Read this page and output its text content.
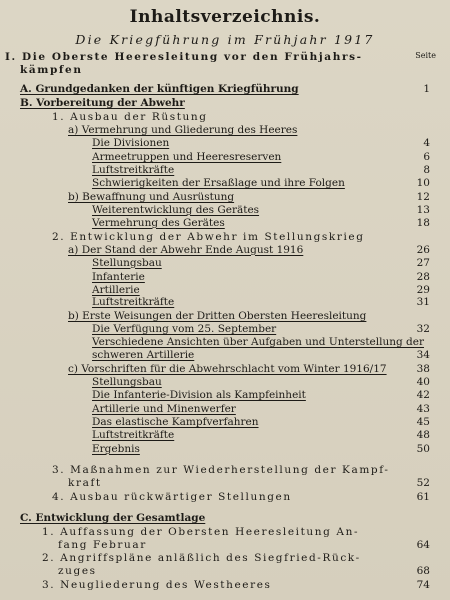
Inhaltsverzeichnis.
Die Kriegführung im Frühjahr 1917
Seite
I. Die Oberste Heeresleitung vor den Frühjahrs-
kämpfen
A. Grundgedanken der künftigen Kriegführung	1
B. Vorbereitung der Abwehr
1. Ausbau der Rüstung
a) Vermehrung und Gliederung des Heeres
Die Divisionen	4
Armeetruppen und Heeresreserven	6
Luftstreitkräfte	8
Schwierigkeiten der Ersaßlage und ihre Folgen	10
b) Bewaffnung und Ausrüstung	12
Weiterentwicklung des Gerätes	13
Vermehrung des Gerätes	18
2. Entwicklung der Abwehr im Stellungskrieg
a) Der Stand der Abwehr Ende August 1916	26
Stellungsbau	27
Infanterie	28
Artillerie	29
Luftstreitkräfte	31
b) Erste Weisungen der Dritten Obersten Heeresleitung
Die Verfügung vom 25. September	32
Verschiedene Ansichten über Aufgaben und Unterstellung der
schweren Artillerie	34
c) Vorschriften für die Abwehrschlacht vom Winter 1916/17	38
Stellungsbau	40
Die Infanterie-Division als Kampfeinheit	42
Artillerie und Minenwerfer	43
Das elastische Kampfverfahren	45
Luftstreitkräfte	48
Ergebnis	50
3. Maßnahmen zur Wiederherstellung der Kampf-
kraft	52
4. Ausbau rückwärtiger Stellungen	61
C. Entwicklung der Gesamtlage
1. Auffassung der Obersten Heeresleitung An-
fang Februar	64
2. Angriffspläne anläßlich des Siegfried-Rück-
zuges	68
3. Neugliederung des Westheeres	74
